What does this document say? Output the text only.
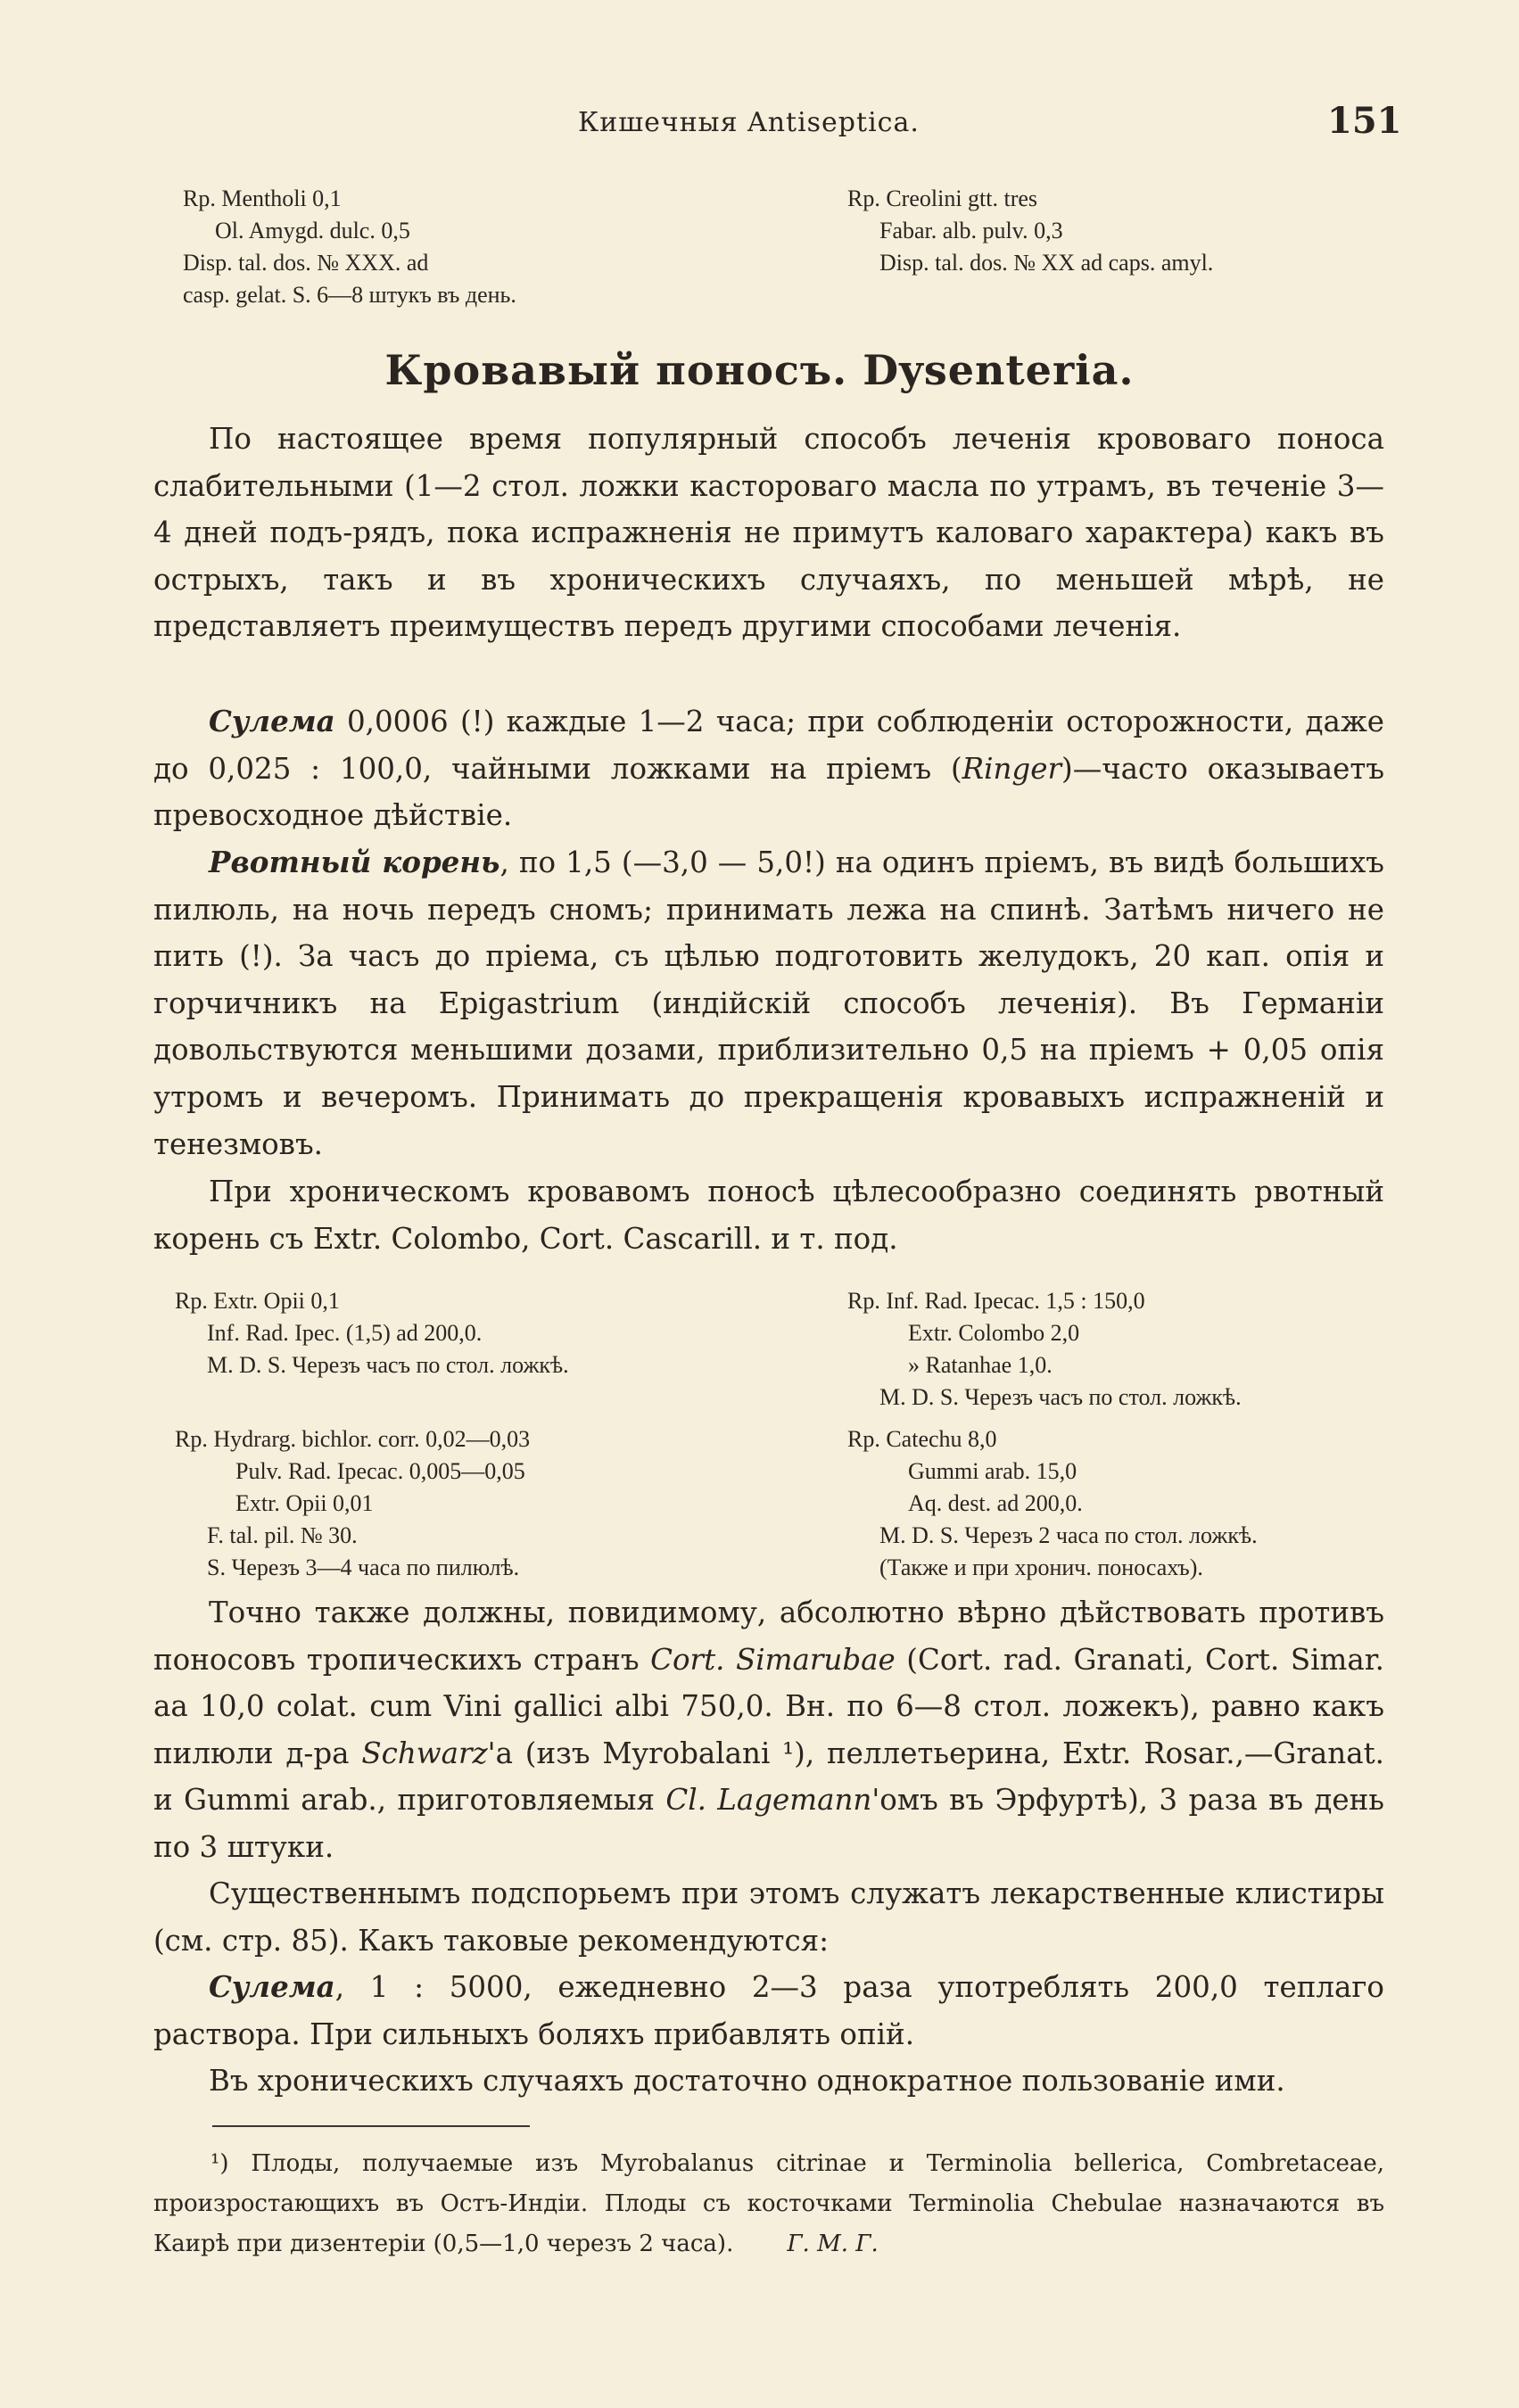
Кишечныя Antiseptica.	151
Rp. Mentholi 0,1
Ol. Amygd. dulc. 0,5
Disp. tal. dos. № XXX. ad
casp. gelat. S. 6—8 штукъ въ день.
Rp. Creolini gtt. tres
Fabar. alb. pulv. 0,3
Disp. tal. dos. № XX ad caps. amyl.
Кровавый поносъ. Dysenteria.

По настоящее время популярный способъ леченія крововаго поноса слабительными (1—2 стол. ложки кастороваго масла по утрамъ, въ теченіе 3—4 дней подъ-рядъ, пока испражненія не примутъ каловаго характера) какъ въ острыхъ, такъ и въ хроническихъ случаяхъ, по меньшей мѣрѣ, не представляетъ преимуществъ передъ другими способами леченія.

Сулема 0,0006 (!) каждые 1—2 часа; при соблюденіи осторожности, даже до 0,025 : 100,0, чайными ложками на пріемъ (Ringer)—часто оказываетъ превосходное дѣйствіе.

Рвотный корень, по 1,5 (—3,0 — 5,0!) на одинъ пріемъ, въ видѣ большихъ пилюль, на ночь передъ сномъ; принимать лежа на спинѣ. Затѣмъ ничего не пить (!). За часъ до пріема, съ цѣлью подготовить желудокъ, 20 кап. опія и горчичникъ на Epigastrium (индійскій способъ леченія). Въ Германіи довольствуются меньшими дозами, приблизительно 0,5 на пріемъ + 0,05 опія утромъ и вечеромъ. Принимать до прекращенія кровавыхъ испражненій и тенезмовъ.

При хроническомъ кровавомъ поносѣ цѣлесообразно соединять рвотный корень съ Extr. Colombo, Cort. Cascarill. и т. под.

Rp. Extr. Opii 0,1
Inf. Rad. Ipec. (1,5) ad 200,0.
M. D. S. Черезъ часъ по стол. ложкѣ.
Rp. Inf. Rad. Ipecac. 1,5 : 150,0
Extr. Colombo 2,0
» Ratanhae 1,0.
M. D. S. Черезъ часъ по стол. ложкѣ.
Rp. Hydrarg. bichlor. corr. 0,02—0,03
Pulv. Rad. Ipecac. 0,005—0,05
Extr. Opii 0,01
F. tal. pil. № 30.
S. Черезъ 3—4 часа по пилюлѣ.
Rp. Catechu 8,0
Gummi arab. 15,0
Aq. dest. ad 200,0.
M. D. S. Черезъ 2 часа по стол. ложкѣ.
(Также и при хронич. поносахъ).

Точно также должны, повидимому, абсолютно вѣрно дѣйствовать противъ поносовъ тропическихъ странъ Cort. Simarubae (Cort. rad. Granati, Cort. Simar. aa 10,0 colat. cum Vini gallici albi 750,0. Вн. по 6—8 стол. ложекъ), равно какъ пилюли д-ра Schwarz'а (изъ Myrobalani ¹), пеллетьерина, Extr. Rosar.,—Granat. и Gummi arab., приготовляемыя Cl. Lagemann'омъ въ Эрфуртѣ), 3 раза въ день по 3 штуки.

Существеннымъ подспорьемъ при этомъ служатъ лекарственные клистиры (см. стр. 85). Какъ таковые рекомендуются:

Сулема, 1 : 5000, ежедневно 2—3 раза употреблять 200,0 теплаго раствора. При сильныхъ боляхъ прибавлять опій.

Въ хроническихъ случаяхъ достаточно однократное пользованіе ими.

¹) Плоды, получаемые изъ Myrobalanus citrinae и Terminolia bellerica, Combretaceae, произростающихъ въ Остъ-Индіи. Плоды съ косточками Terminolia Chebulae назначаются въ Каирѣ при дизентеріи (0,5—1,0 черезъ 2 часа). Г. М. Г.
